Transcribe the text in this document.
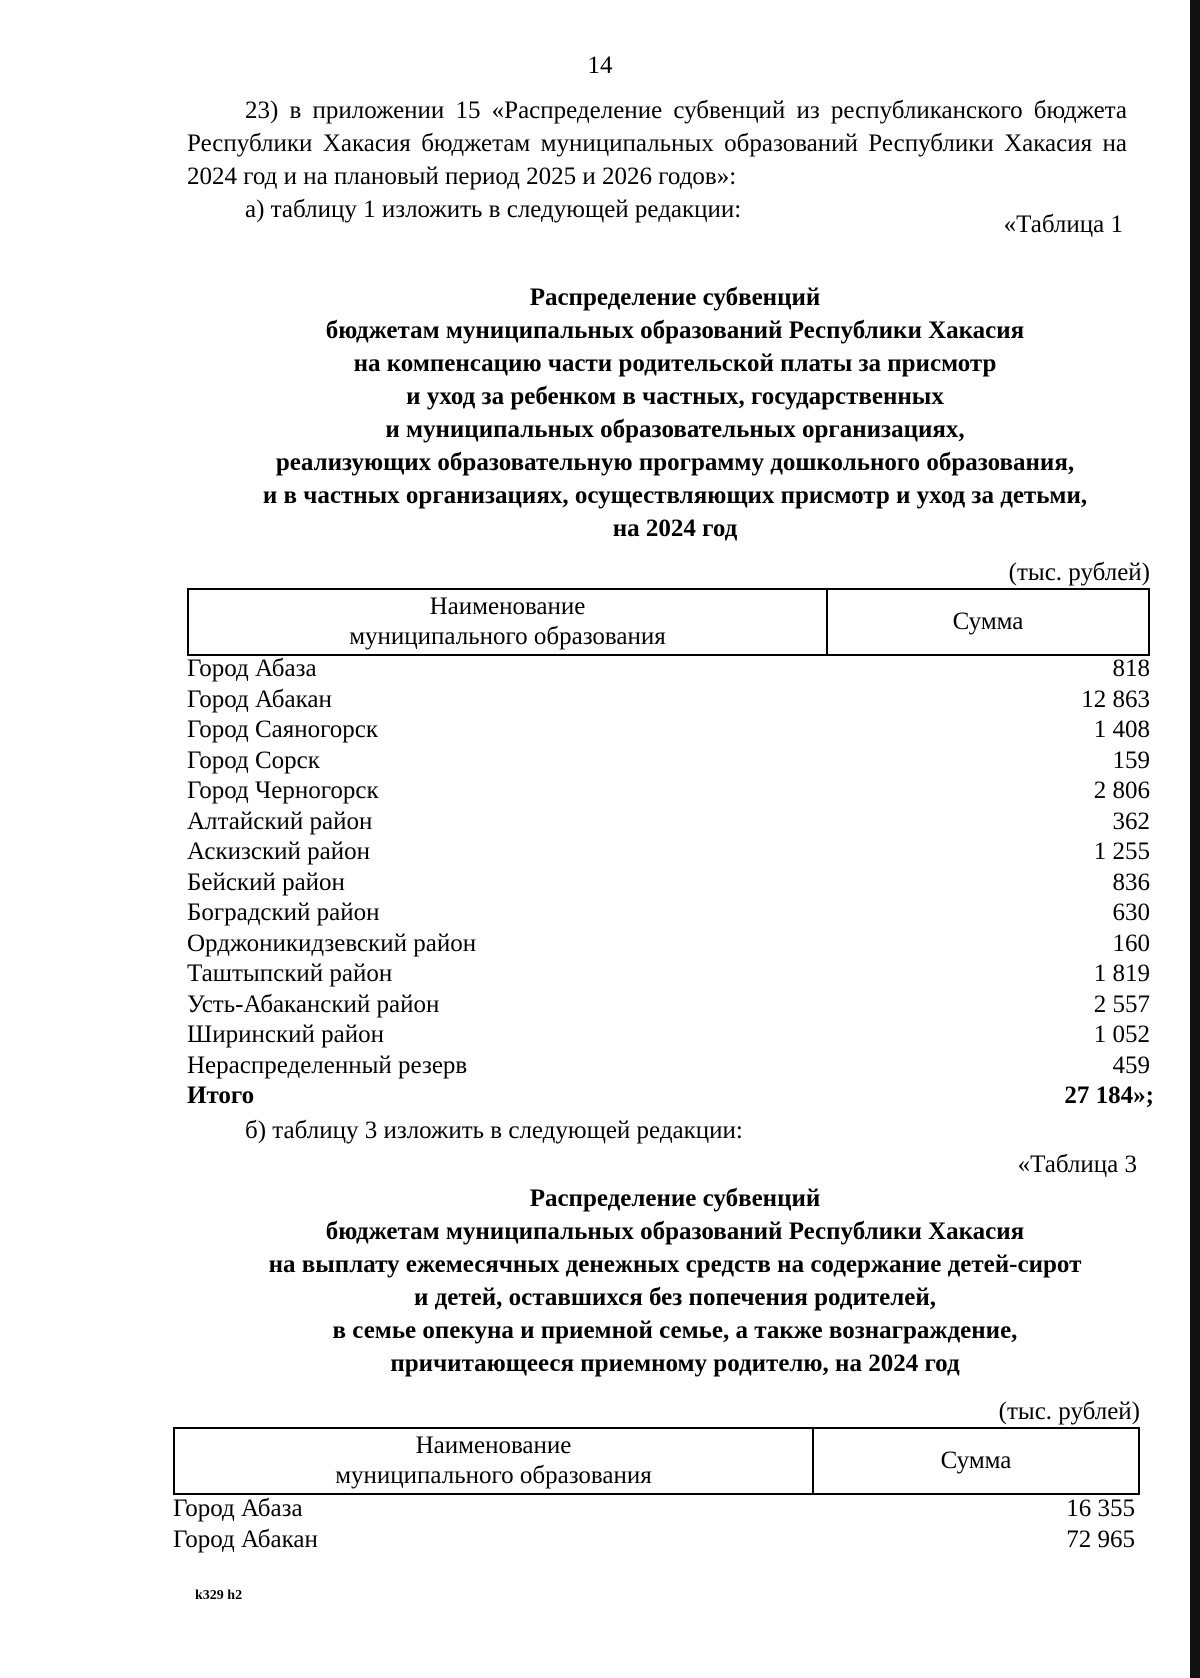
14

23) в приложении 15 «Распределение субвенций из республиканского бюджета Республики Хакасия бюджетам муниципальных образований Республики Хакасия на 2024 год и на плановый период 2025 и 2026 годов»:

а) таблицу 1 изложить в следующей редакции:

«Таблица 1
Распределение субвенций
бюджетам муниципальных образований Республики Хакасия
на компенсацию части родительской платы за присмотр
и уход за ребенком в частных, государственных
и муниципальных образовательных организациях,
реализующих образовательную программу дошкольного образования,
и в частных организациях, осуществляющих присмотр и уход за детьми,
на 2024 год
(тыс. рублей)
Наименование
муниципального образования
	Сумма
Город Абаза	818
Город Абакан	12 863
Город Саяногорск	1 408
Город Сорск	159
Город Черногорск	2 806
Алтайский район	362
Аскизский район	1 255
Бейский район	836
Боградский район	630
Орджоникидзевский район	160
Таштыпский район	1 819
Усть-Абаканский район	2 557
Ширинский район	1 052
Нераспределенный резерв	459
Итого	27 184»;
б) таблицу 3 изложить в следующей редакции:
«Таблица 3
Распределение субвенций
бюджетам муниципальных образований Республики Хакасия
на выплату ежемесячных денежных средств на содержание детей-сирот
и детей, оставшихся без попечения родителей,
в семье опекуна и приемной семье, а также вознаграждение,
причитающееся приемному родителю, на 2024 год
(тыс. рублей)
Наименование
муниципального образования
	Сумма
Город Абаза	16 355
Город Абакан	72 965
k329 h2
